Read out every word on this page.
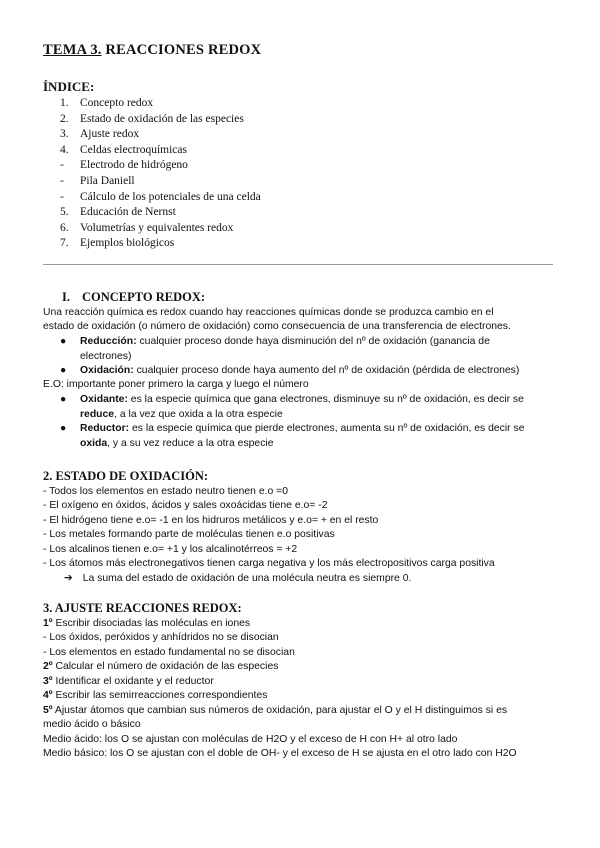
TEMA 3. REACCIONES REDOX
ÍNDICE:
1. Concepto redox
2. Estado de oxidación de las especies
3. Ajuste redox
4. Celdas electroquímicas
- Electrodo de hidrógeno
- Pila Daniell
- Cálculo de los potenciales de una celda
5. Educación de Nernst
6. Volumetrías y equivalentes redox
7. Ejemplos biológicos
I. CONCEPTO REDOX:
Una reacción química es redox cuando hay reacciones químicas donde se produzca cambio en el
estado de oxidación (o número de oxidación) como consecuencia de una transferencia de electrones.
●	Reducción: cualquier proceso donde haya disminución del nº de oxidación (ganancia de
electrones)
●	Oxidación: cualquier proceso donde haya aumento del nº de oxidación (pérdida de electrones)
E.O: importante poner primero la carga y luego el número
●	Oxidante: es la especie química que gana electrones, disminuye su nº de oxidación, es decir se
reduce, a la vez que oxida a la otra especie
●	Reductor: es la especie química que pierde electrones, aumenta su nº de oxidación, es decir se
oxida, y a su vez reduce a la otra especie
2. ESTADO DE OXIDACIÓN:
- Todos los elementos en estado neutro tienen e.o =0
- El oxígeno en óxidos, ácidos y sales oxoácidas tiene e.o= -2
- El hidrógeno tiene e.o= -1 en los hidruros metálicos y e.o= + en el resto
- Los metales formando parte de moléculas tienen e.o positivas
- Los alcalinos tienen e.o= +1 y los alcalinotérreos = +2
- Los átomos más electronegativos tienen carga negativa y los más electropositivos carga positiva
➔ La suma del estado de oxidación de una molécula neutra es siempre 0.
3. AJUSTE REACCIONES REDOX:
1º Escribir disociadas las moléculas en iones
- Los óxidos, peróxidos y anhídridos no se disocian
- Los elementos en estado fundamental no se disocian
2º Calcular el número de oxidación de las especies
3º Identificar el oxidante y el reductor
4º Escribir las semirreacciones correspondientes
5º Ajustar átomos que cambian sus números de oxidación, para ajustar el O y el H distinguimos si es
medio ácido o básico
Medio ácido: los O se ajustan con moléculas de H2O y el exceso de H con H+ al otro lado
Medio básico: los O se ajustan con el doble de OH- y el exceso de H se ajusta en el otro lado con H2O
